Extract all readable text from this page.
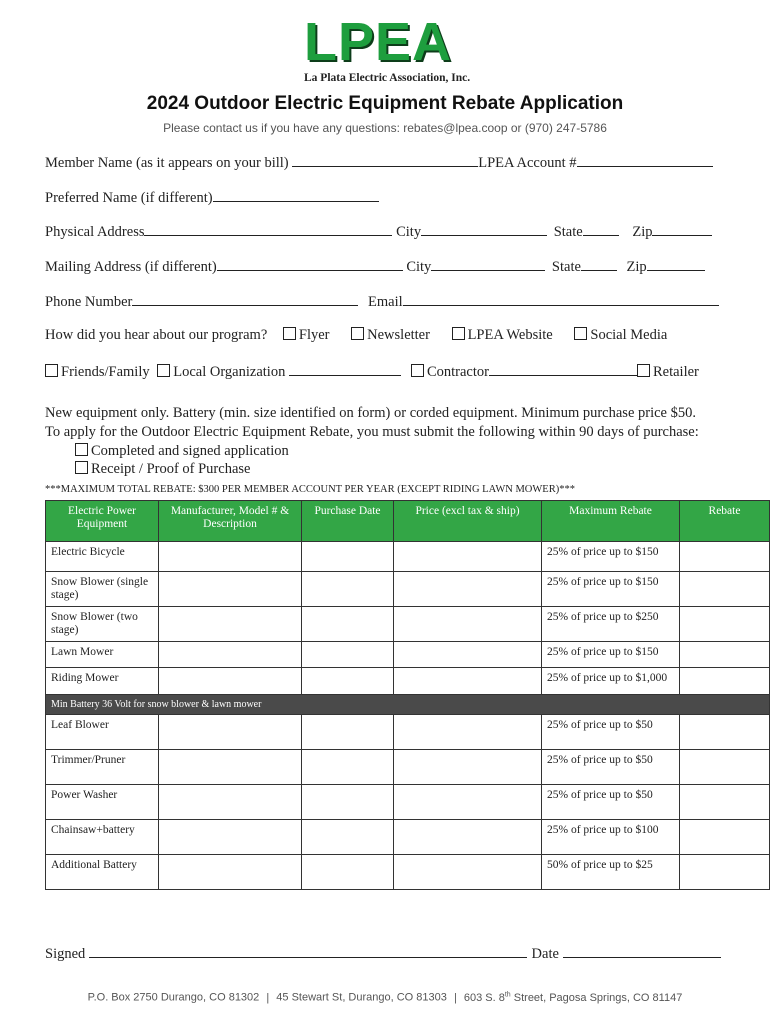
LPEA
La Plata Electric Association, Inc.
2024 Outdoor Electric Equipment Rebate Application
Please contact us if you have any questions: rebates@lpea.coop or (970) 247-5786
Member Name (as it appears on your bill)	LPEA Account #
Preferred Name (if different)
Physical Address	City	State	Zip
Mailing Address (if different)	City	State	Zip
Phone Number	Email
How did you hear about our program? Flyer	Newsletter	LPEA Website	Social Media
Friends/Family Local Organization	Contractor	Retailer
New equipment only. Battery (min. size identified on form) or corded equipment. Minimum purchase price $50.
To apply for the Outdoor Electric Equipment Rebate, you must submit the following within 90 days of purchase:
Completed and signed application
Receipt / Proof of Purchase
***MAXIMUM TOTAL REBATE: $300 PER MEMBER ACCOUNT PER YEAR (EXCEPT RIDING LAWN MOWER)***
Electric Power Equipment	Manufacturer, Model # & Description	Purchase Date	Price (excl tax & ship)	Maximum Rebate	Rebate
Electric Bicycle				25% of price up to $150	
Snow Blower (single stage)				25% of price up to $150	
Snow Blower (two stage)				25% of price up to $250	
Lawn Mower				25% of price up to $150	
Riding Mower				25% of price up to $1,000	
Min Battery 36 Volt for snow blower & lawn mower					
Leaf Blower				25% of price up to $50	
Trimmer/Pruner				25% of price up to $50	
Power Washer				25% of price up to $50	
Chainsaw+battery				25% of price up to $100	
Additional Battery				50% of price up to $25	
Signed	Date
P.O. Box 2750 Durango, CO 81302 | 45 Stewart St, Durango, CO 81303 | 603 S. 8th Street, Pagosa Springs, CO 81147
